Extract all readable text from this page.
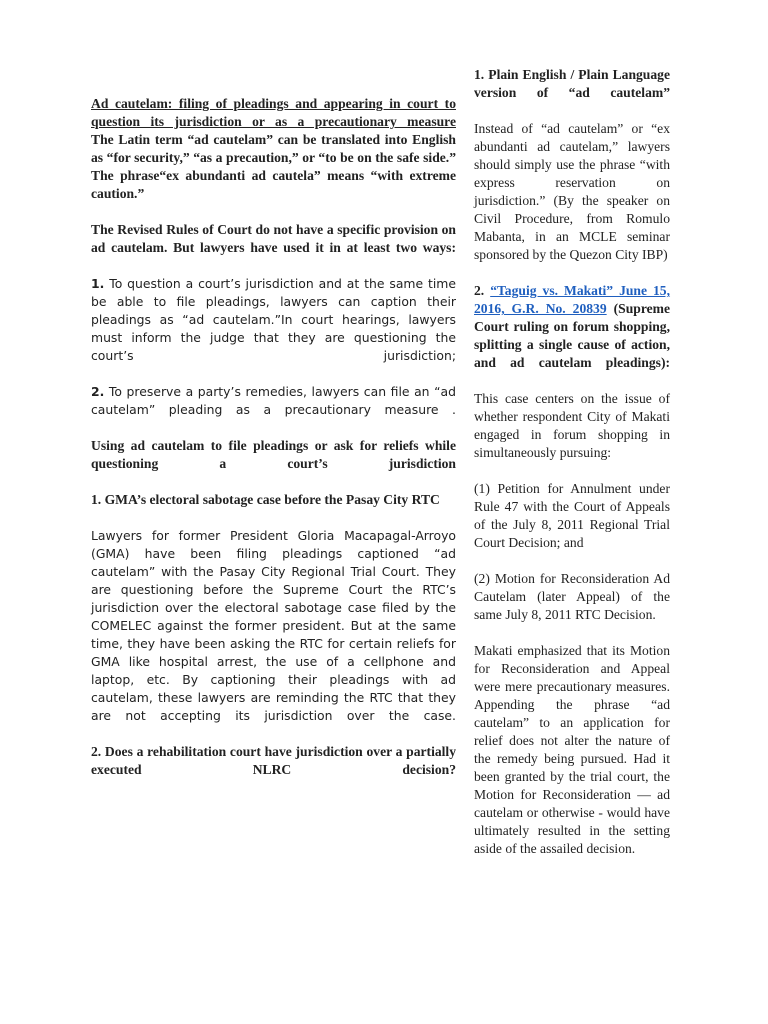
Ad cautelam: filing of pleadings and appearing in court to question its jurisdiction or as a precautionary measure

The Latin term “ad cautelam” can be translated into English as “for security,” “as a precaution,” or “to be on the safe side.” The phrase“ex abundanti ad cautela” means “with extreme caution.”

The Revised Rules of Court do not have a specific provision on ad cautelam. But lawyers have used it in at least two ways:

1. To question a court’s jurisdiction and at the same time be able to file pleadings, lawyers can caption their pleadings as “ad cautelam.”In court hearings, lawyers must inform the judge that they are questioning the court’s jurisdiction;

2. To preserve a party’s remedies, lawyers can file an “ad cautelam” pleading as a precautionary measure .

Using ad cautelam to file pleadings or ask for reliefs while questioning a court’s jurisdiction

1. GMA’s electoral sabotage case before the Pasay City RTC

Lawyers for former President Gloria Macapagal-Arroyo (GMA) have been filing pleadings captioned “ad cautelam” with the Pasay City Regional Trial Court. They are questioning before the Supreme Court the RTC’s jurisdiction over the electoral sabotage case filed by the COMELEC against the former president. But at the same time, they have been asking the RTC for certain reliefs for GMA like hospital arrest, the use of a cellphone and laptop, etc. By captioning their pleadings with ad cautelam, these lawyers are reminding the RTC that they are not accepting its jurisdiction over the case.

2. Does a rehabilitation court have jurisdiction over a partially executed NLRC decision?

1. Plain English / Plain Language version of “ad cautelam”

Instead of “ad cautelam” or “ex abundanti ad cautelam,” lawyers should simply use the phrase “with express reservation on jurisdiction.” (By the speaker on Civil Procedure, from Romulo Mabanta, in an MCLE seminar sponsored by the Quezon City IBP)

2. “Taguig vs. Makati” June 15, 2016, G.R. No. 20839 (Supreme Court ruling on forum shopping, splitting a single cause of action, and ad cautelam pleadings):

This case centers on the issue of whether respondent City of Makati engaged in forum shopping in simultaneously pursuing:

(1) Petition for Annulment under Rule 47 with the Court of Appeals of the July 8, 2011 Regional Trial Court Decision; and

(2) Motion for Reconsideration Ad Cautelam (later Appeal) of the same July 8, 2011 RTC Decision.

Makati emphasized that its Motion for Reconsideration and Appeal were mere precautionary measures. Appending the phrase “ad cautelam” to an application for relief does not alter the nature of the remedy being pursued. Had it been granted by the trial court, the Motion for Reconsideration — ad cautelam or otherwise - would have ultimately resulted in the setting aside of the assailed decision.
